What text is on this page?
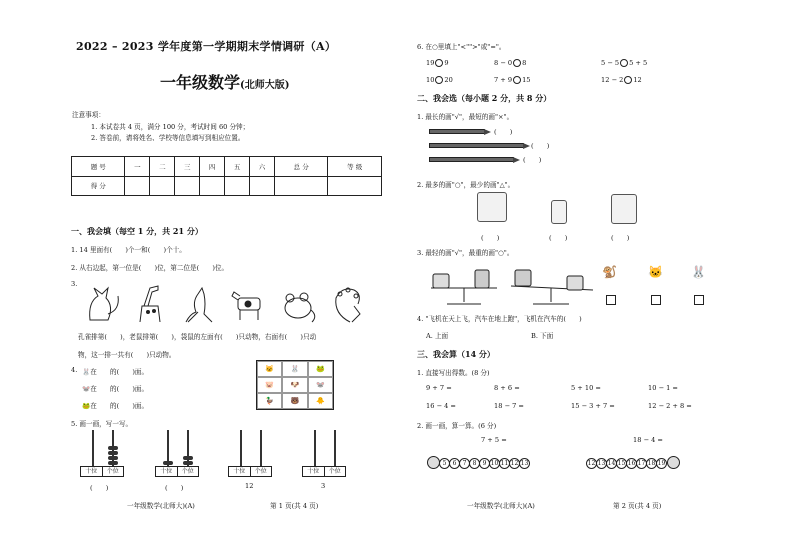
2022 – 2023 学年度第一学期期末学情调研（A）
一年级数学(北师大版)
注意事项：
1. 本试卷共 4 页，满分 100 分，考试时间 60 分钟；
2. 答卷前，请将姓名、学校等信息填写到相应位置。
题 号	一	二	三	四	五	六	总 分	等 级
得 分								
一、我会填（每空 1 分，共 21 分）
1. 14 里面有(　　)个一和(　　)个十。
2. 从右边起，第一位是(　　)位，第二位是(　　)位。
3.
孔雀排第(　　)，老鼠排第(　　)，袋鼠的左面有(　　)只动物，右面有(　　)只动
物，这一排一共有(　　)只动物。
4. 🐰在　　的(　　)面。
🐭在　　的(　　)面。
🐸在　　的(　　)面。
🐱	🐰	🐸
🐷	🐶	🐭
🦆	🐻	🐥
5. 画一画，写一写。
十位	个位
(　　)
十位	个位
(　　)
十位	个位
12
十位	个位
3
一年级数学(北师大)(A)	第 1 页(共 4 页)
6. 在○里填上"<"">"或"="。
19 9	8 − 0 8	5 − 5 5 + 5
10 20	7 + 9 15	12 − 2 12
二、我会选（每小题 2 分，共 8 分）
1. 最长的画"√"，最短的画"×"。
(　　)
(　　)
(　　)
2. 最多的画"○"，最少的画"△"。
(　　)	(　　)	(　　)
3. 最轻的画"√"，最重的画"○"。
🐒	🐱 🐰
4. "飞机在天上飞，汽车在地上跑"，飞机在汽车的(　　)
A. 上面	B. 下面
三、我会算（14 分）
1. 直接写出得数。(8 分)
9 + 7 =	8 + 6 =	5 + 10 =	10 − 1 =
16 − 4 =	18 − 7 =	15 − 3 + 7 =	12 − 2 + 8 =
2. 画一画，算一算。(6 分)
7 + 5 =	18 − 4 =
5	6	7	8	9 10 11 12 13	12 13 14 15 16 17 18 19
一年级数学(北师大)(A)	第 2 页(共 4 页)
